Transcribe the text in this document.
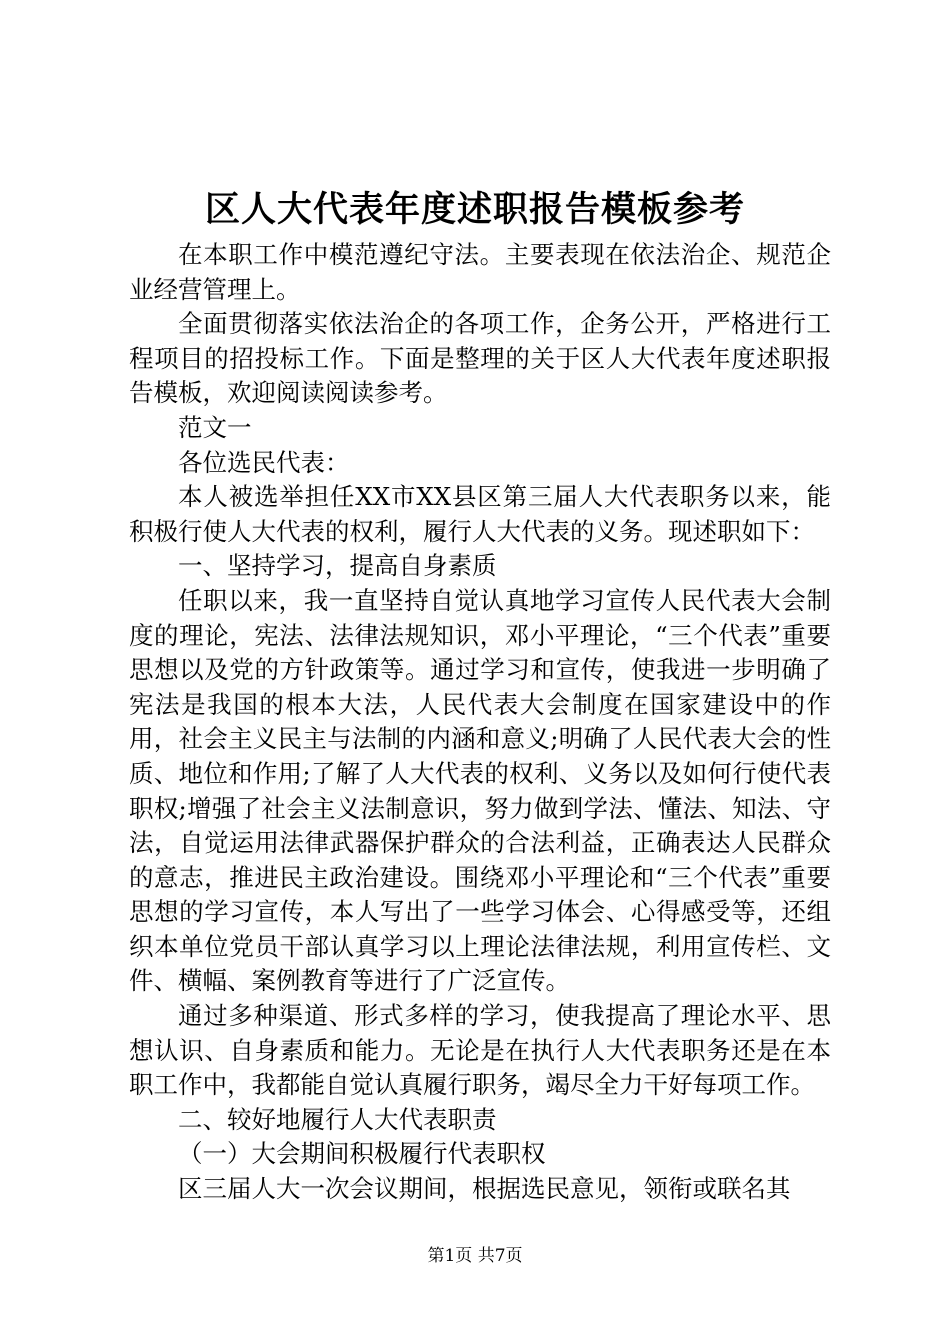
区人大代表年度述职报告模板参考

在本职工作中模范遵纪守法。主要表现在依法治企、规范企业经营管理上。

全面贯彻落实依法治企的各项工作，企务公开，严格进行工程项目的招投标工作。下面是整理的关于区人大代表年度述职报告模板，欢迎阅读阅读参考。

范文一

各位选民代表：

本人被选举担任XX市XX县区第三届人大代表职务以来，能积极行使人大代表的权利，履行人大代表的义务。现述职如下：

一、坚持学习，提高自身素质

任职以来，我一直坚持自觉认真地学习宣传人民代表大会制度的理论，宪法、法律法规知识，邓小平理论，“三个代表”重要思想以及党的方针政策等。通过学习和宣传，使我进一步明确了宪法是我国的根本大法，人民代表大会制度在国家建设中的作用，社会主义民主与法制的内涵和意义;明确了人民代表大会的性质、地位和作用;了解了人大代表的权利、义务以及如何行使代表职权;增强了社会主义法制意识，努力做到学法、懂法、知法、守法，自觉运用法律武器保护群众的合法利益，正确表达人民群众的意志，推进民主政治建设。围绕邓小平理论和“三个代表”重要思想的学习宣传，本人写出了一些学习体会、心得感受等，还组织本单位党员干部认真学习以上理论法律法规，利用宣传栏、文件、横幅、案例教育等进行了广泛宣传。

通过多种渠道、形式多样的学习，使我提高了理论水平、思想认识、自身素质和能力。无论是在执行人大代表职务还是在本职工作中，我都能自觉认真履行职务，竭尽全力干好每项工作。

二、较好地履行人大代表职责

（一）大会期间积极履行代表职权

区三届人大一次会议期间，根据选民意见，领衔或联名其

第1页 共7页
